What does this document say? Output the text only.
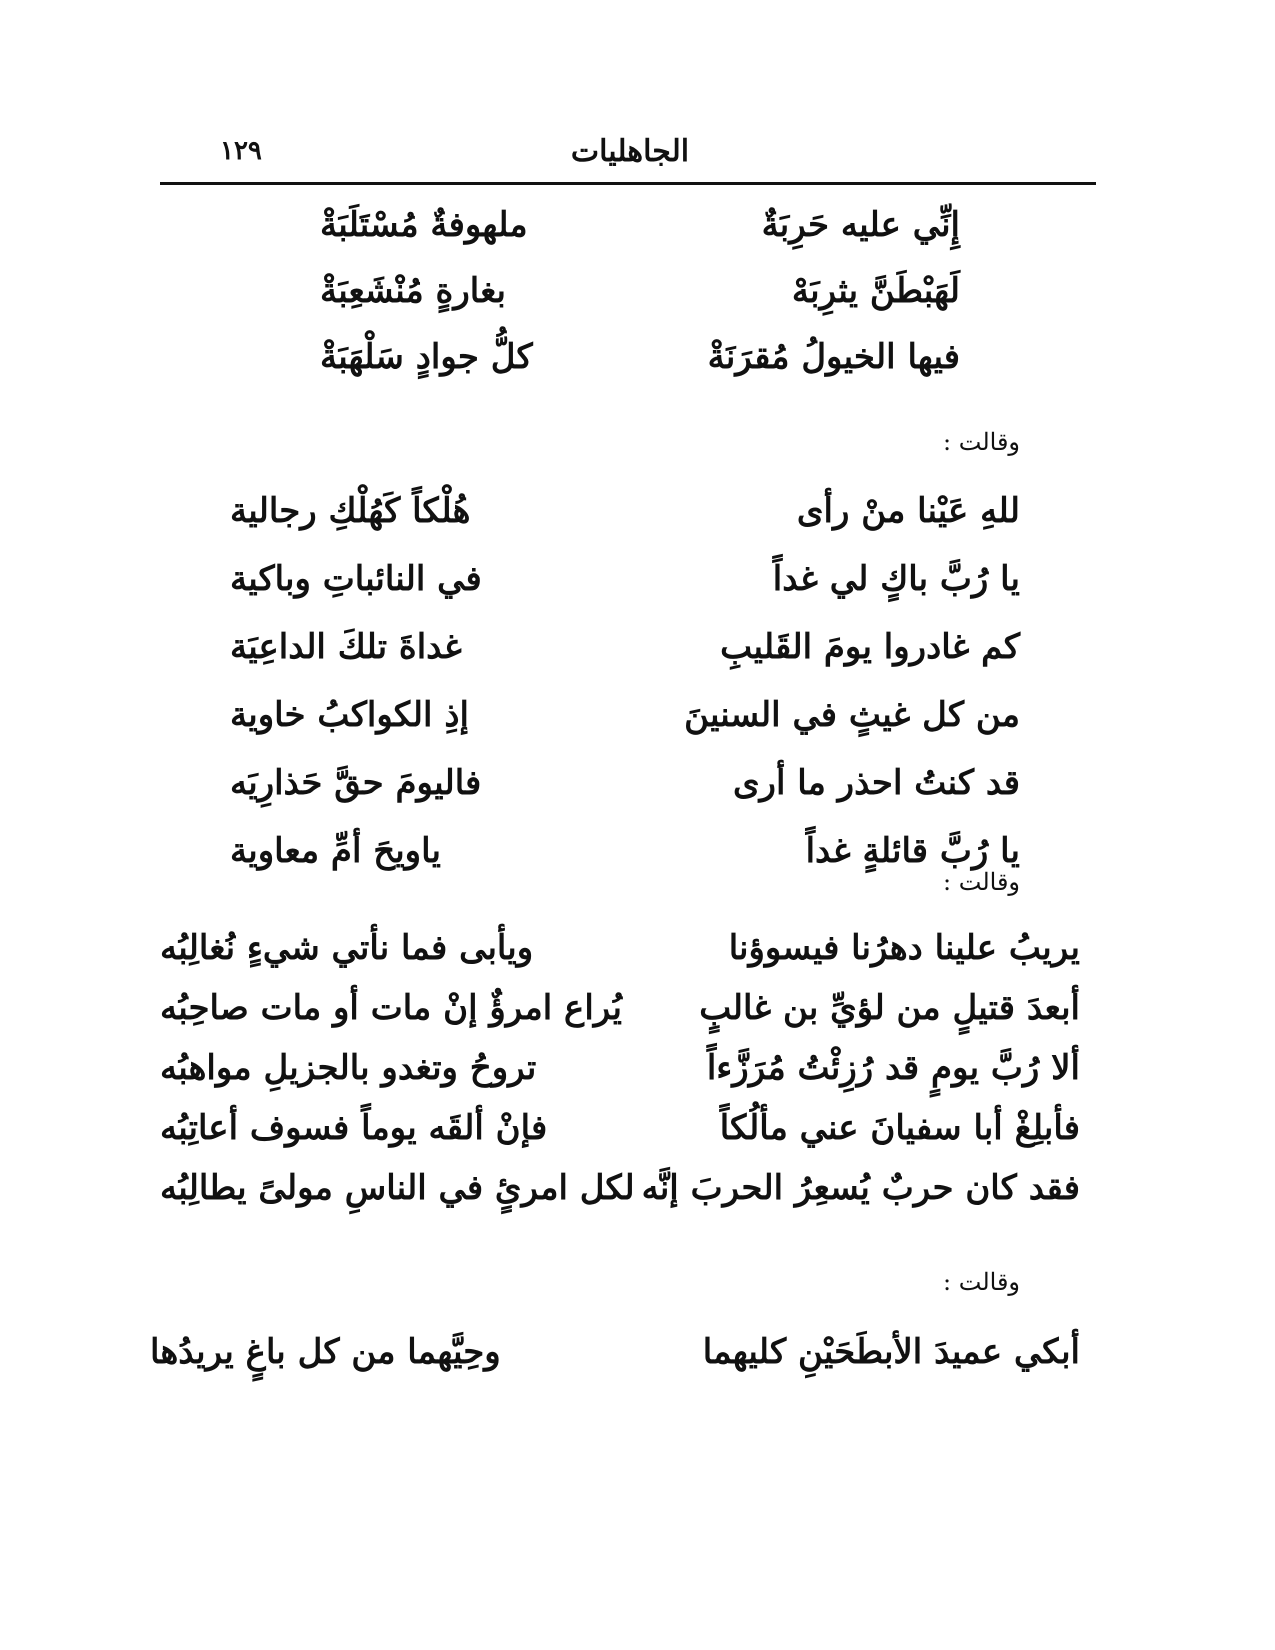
الجاهليات
١٢٩
إِنِّي عليه حَرِبَةٌ
ملهوفةٌ مُسْتَلَبَةْ
لَهَبْطَنَّ يثرِبَهْ
بغارةٍ مُنْشَعِبَةْ
فيها الخيولُ مُقرَنَةْ
كلُّ جوادٍ سَلْهَبَةْ
وقالت :
للهِ عَيْنا منْ رأى
هُلْكاً كَهُلْكِ رجالية
يا رُبَّ باكٍ لي غداً
في النائباتِ وباكية
كم غادروا يومَ القَليبِ
غداةَ تلكَ الداعِيَة
من كل غيثٍ في السنينَ
إذِ الكواكبُ خاوية
قد كنتُ احذر ما أرى
فاليومَ حقَّ حَذارِيَه
يا رُبَّ قائلةٍ غداً
ياويحَ أمِّ معاوية
وقالت :
يريبُ علينا دهرُنا فيسوؤنا
ويأبى فما نأتي شيءٍ نُغالِبُه
أبعدَ قتيلٍ من لؤيِّ بن غالبٍ
يُراع امرؤٌ إنْ مات أو مات صاحِبُه
ألا رُبَّ يومٍ قد رُزِئْتُ مُرَزَّءاً
تروحُ وتغدو بالجزيلِ مواهبُه
فأبلِغْ أبا سفيانَ عني مألُكاً
فإنْ ألقَه يوماً فسوف أعاتِبُه
فقد كان حربٌ يُسعِرُ الحربَ إنَّه
لكل امرئٍ في الناسِ مولىً يطالِبُه
وقالت :
أبكي عميدَ الأبطَحَيْنِ كليهما
وحِيَّهما من كل باغٍ يريدُها
